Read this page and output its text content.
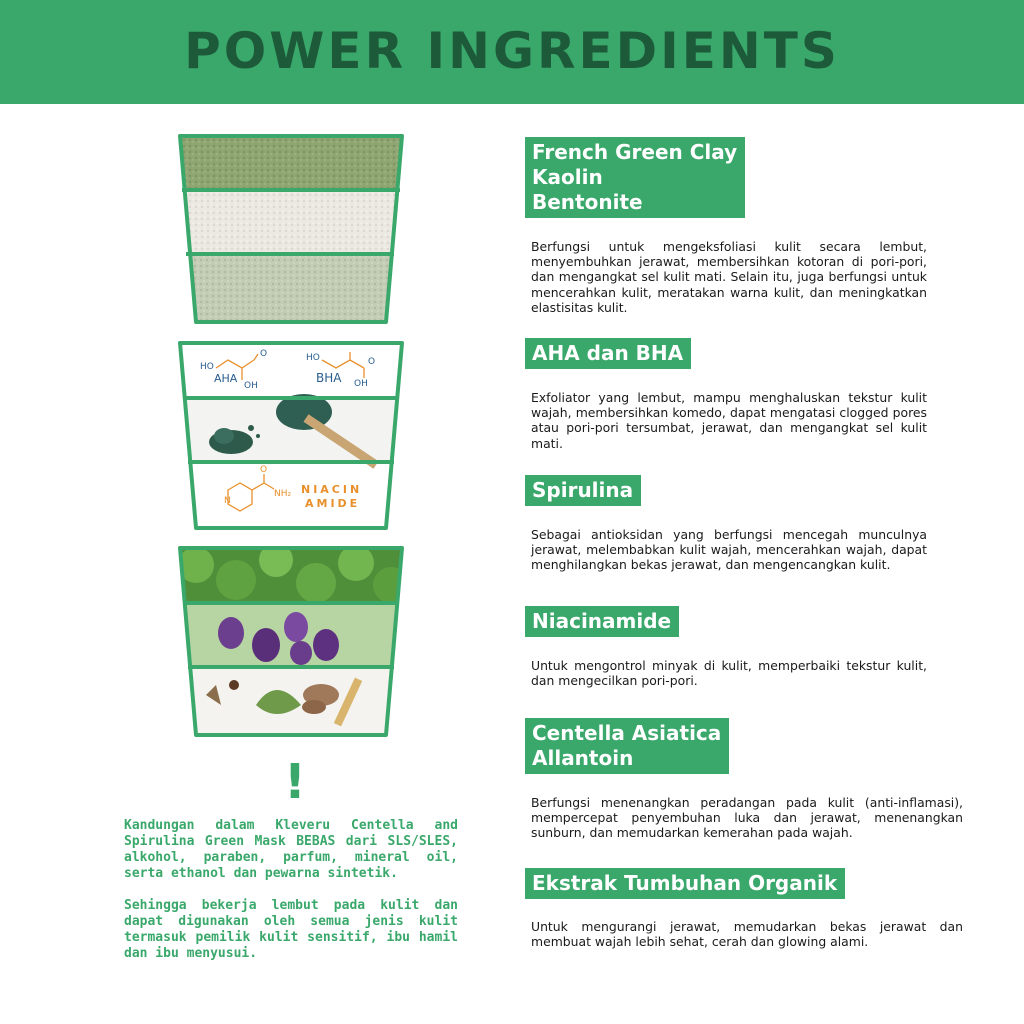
POWER INGREDIENTS
HO
O
OH
AHA
HO	O
OH
BHA
N
O
NH₂ NIACIN
AMIDE
!

Kandungan dalam Kleveru Centella and Spirulina Green Mask BEBAS dari SLS/SLES, alkohol, paraben, parfum, mineral oil, serta ethanol dan pewarna sintetik.

Sehingga bekerja lembut pada kulit dan dapat digunakan oleh semua jenis kulit termasuk pemilik kulit sensitif, ibu hamil dan ibu menyusui.

French Green Clay
Kaolin
Bentonite

Berfungsi untuk mengeksfoliasi kulit secara lembut, menyembuhkan jerawat, membersihkan kotoran di pori-pori, dan mengangkat sel kulit mati. Selain itu, juga berfungsi untuk mencerahkan kulit, meratakan warna kulit, dan meningkatkan elastisitas kulit.

AHA dan BHA

Exfoliator yang lembut, mampu menghaluskan tekstur kulit wajah, membersihkan komedo, dapat mengatasi clogged pores atau pori-pori tersumbat, jerawat, dan mengangkat sel kulit mati.

Spirulina

Sebagai antioksidan yang berfungsi mencegah munculnya jerawat, melembabkan kulit wajah, mencerahkan wajah, dapat menghilangkan bekas jerawat, dan mengencangkan kulit.

Niacinamide

Untuk mengontrol minyak di kulit, memperbaiki tekstur kulit, dan mengecilkan pori-pori.

Centella Asiatica
Allantoin

Berfungsi menenangkan peradangan pada kulit (anti-inflamasi), mempercepat penyembuhan luka dan jerawat, menenangkan sunburn, dan memudarkan kemerahan pada wajah.

Ekstrak Tumbuhan Organik

Untuk mengurangi jerawat, memudarkan bekas jerawat dan membuat wajah lebih sehat, cerah dan glowing alami.
